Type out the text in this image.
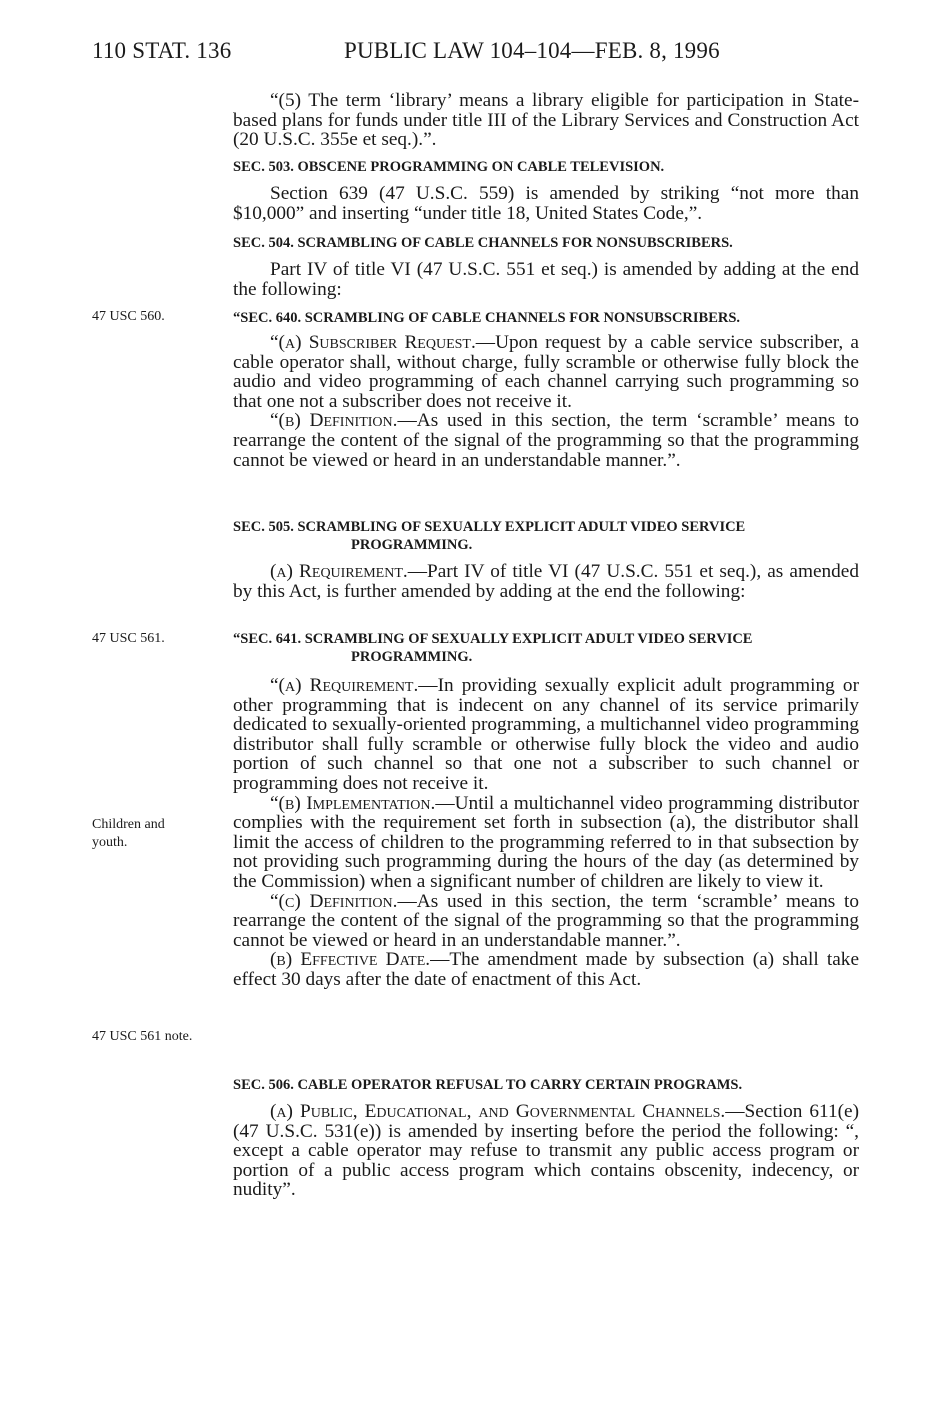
110 STAT. 136	PUBLIC LAW 104–104—FEB. 8, 1996
47 USC 560.
47 USC 561.
Children and youth.
47 USC 561 note.

“(5) The term ‘library’ means a library eligible for participation in State-based plans for funds under title III of the Library Services and Construction Act (20 U.S.C. 355e et seq.).”.

SEC. 503. OBSCENE PROGRAMMING ON CABLE TELEVISION.

Section 639 (47 U.S.C. 559) is amended by striking “not more than $10,000” and inserting “under title 18, United States Code,”.

SEC. 504. SCRAMBLING OF CABLE CHANNELS FOR NONSUBSCRIBERS.

Part IV of title VI (47 U.S.C. 551 et seq.) is amended by adding at the end the following:

“SEC. 640. SCRAMBLING OF CABLE CHANNELS FOR NONSUBSCRIBERS.

“(a) Subscriber Request.—Upon request by a cable service subscriber, a cable operator shall, without charge, fully scramble or otherwise fully block the audio and video programming of each channel carrying such programming so that one not a subscriber does not receive it.

“(b) Definition.—As used in this section, the term ‘scramble’ means to rearrange the content of the signal of the programming so that the programming cannot be viewed or heard in an understandable manner.”.

SEC. 505. SCRAMBLING OF SEXUALLY EXPLICIT ADULT VIDEO SERVICE PROGRAMMING.

(a) Requirement.—Part IV of title VI (47 U.S.C. 551 et seq.), as amended by this Act, is further amended by adding at the end the following:

“SEC. 641. SCRAMBLING OF SEXUALLY EXPLICIT ADULT VIDEO SERVICE PROGRAMMING.

“(a) Requirement.—In providing sexually explicit adult programming or other programming that is indecent on any channel of its service primarily dedicated to sexually-oriented programming, a multichannel video programming distributor shall fully scramble or otherwise fully block the video and audio portion of such channel so that one not a subscriber to such channel or programming does not receive it.

“(b) Implementation.—Until a multichannel video programming distributor complies with the requirement set forth in subsection (a), the distributor shall limit the access of children to the programming referred to in that subsection by not providing such programming during the hours of the day (as determined by the Commission) when a significant number of children are likely to view it.

“(c) Definition.—As used in this section, the term ‘scramble’ means to rearrange the content of the signal of the programming so that the programming cannot be viewed or heard in an understandable manner.”.

(b) Effective Date.—The amendment made by subsection (a) shall take effect 30 days after the date of enactment of this Act.

SEC. 506. CABLE OPERATOR REFUSAL TO CARRY CERTAIN PROGRAMS.

(a) Public, Educational, and Governmental Channels.—Section 611(e) (47 U.S.C. 531(e)) is amended by inserting before the period the following: “, except a cable operator may refuse to transmit any public access program or portion of a public access program which contains obscenity, indecency, or nudity”.
